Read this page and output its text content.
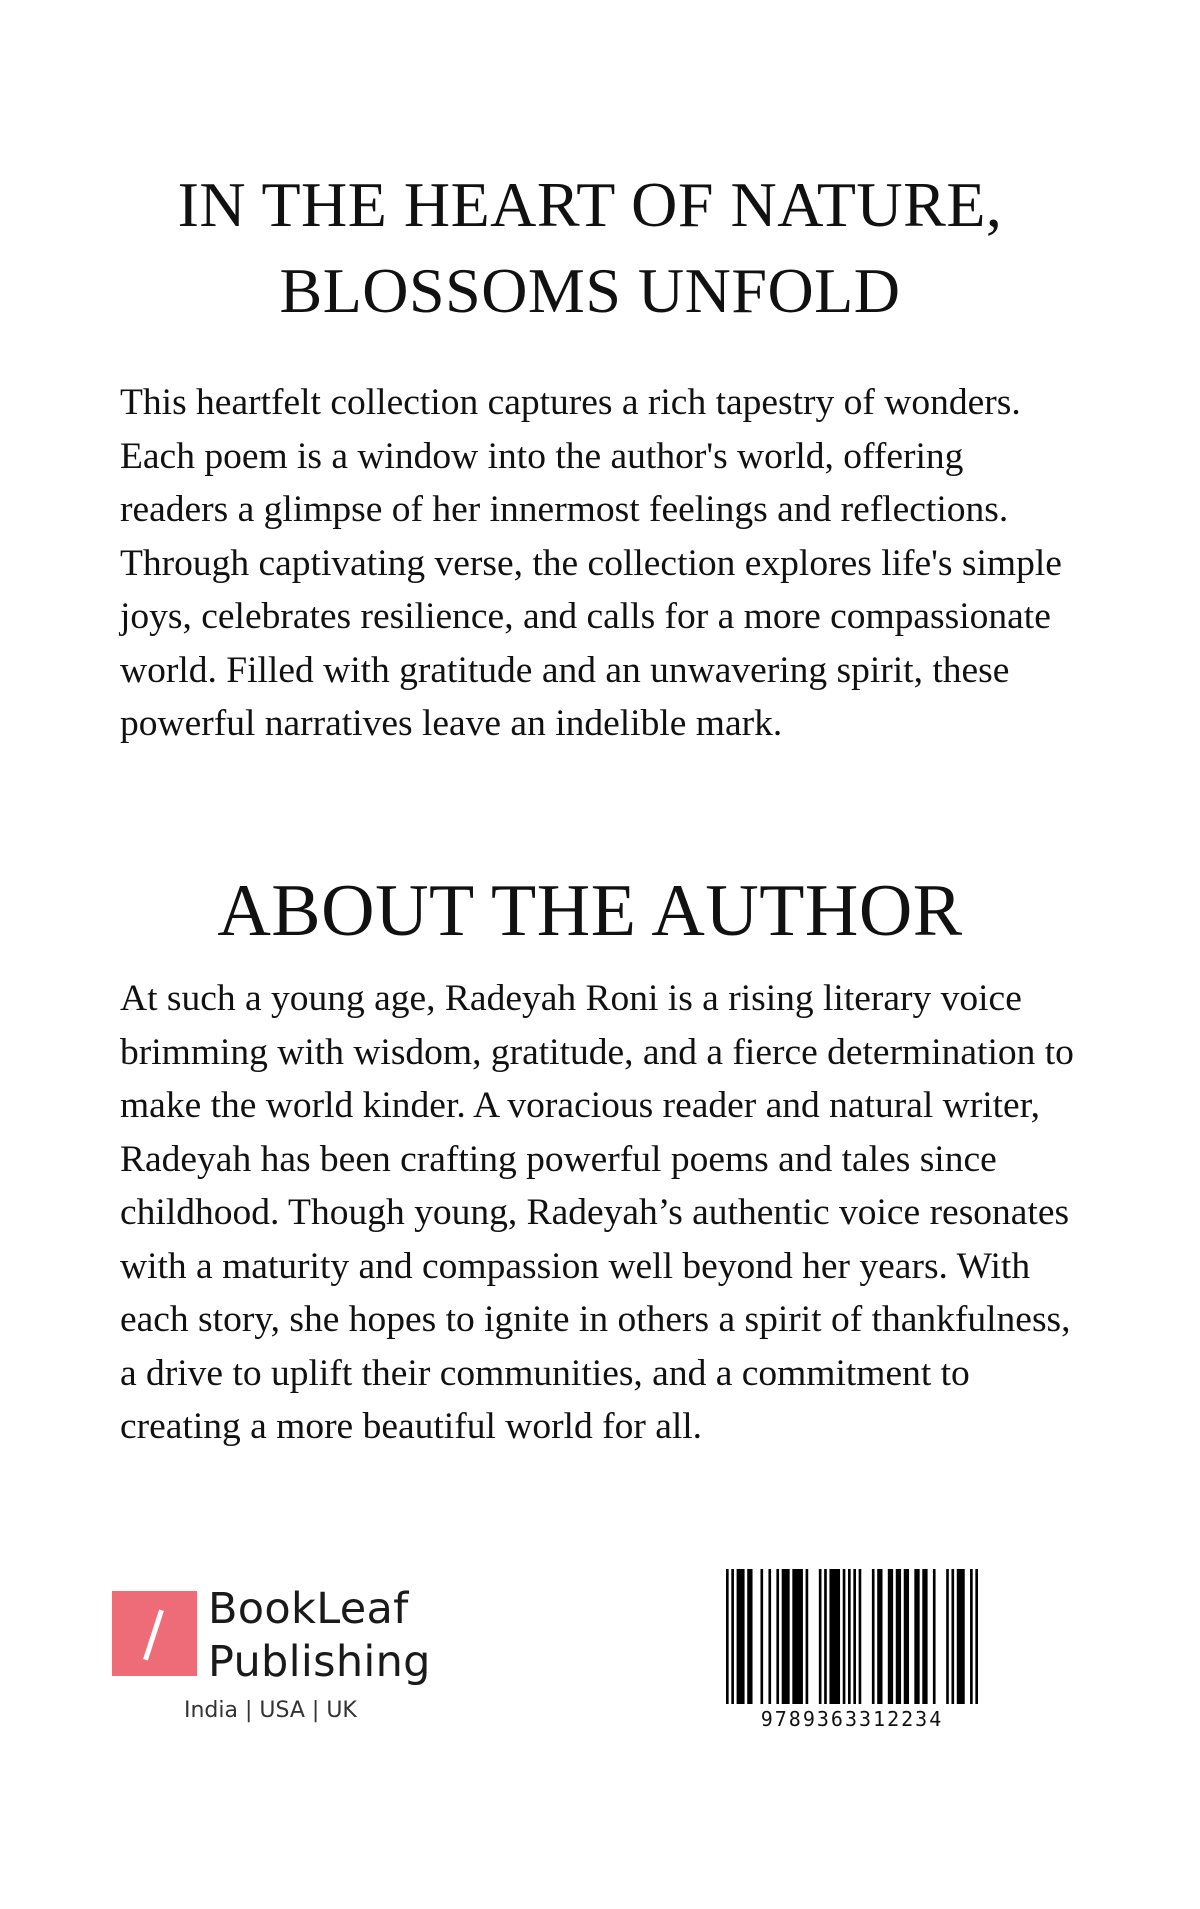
IN THE HEART OF NATURE,
BLOSSOMS UNFOLD

This heartfelt collection captures a rich tapestry of wonders. Each poem is a window into the author's world, offering readers a glimpse of her innermost feelings and reflections. Through captivating verse, the collection explores life's simple joys, celebrates resilience, and calls for a more compassionate world. Filled with gratitude and an unwavering spirit, these powerful narratives leave an indelible mark.

ABOUT THE AUTHOR

At such a young age, Radeyah Roni is a rising literary voice brimming with wisdom, gratitude, and a fierce determination to make the world kinder. A voracious reader and natural writer, Radeyah has been crafting powerful poems and tales since childhood. Though young, Radeyah’s authentic voice resonates with a maturity and compassion well beyond her years. With each story, she hopes to ignite in others a spirit of thankfulness, a drive to uplift their communities, and a commitment to creating a more beautiful world for all.

BookLeaf
Publishing
India | USA | UK	9789363312234
